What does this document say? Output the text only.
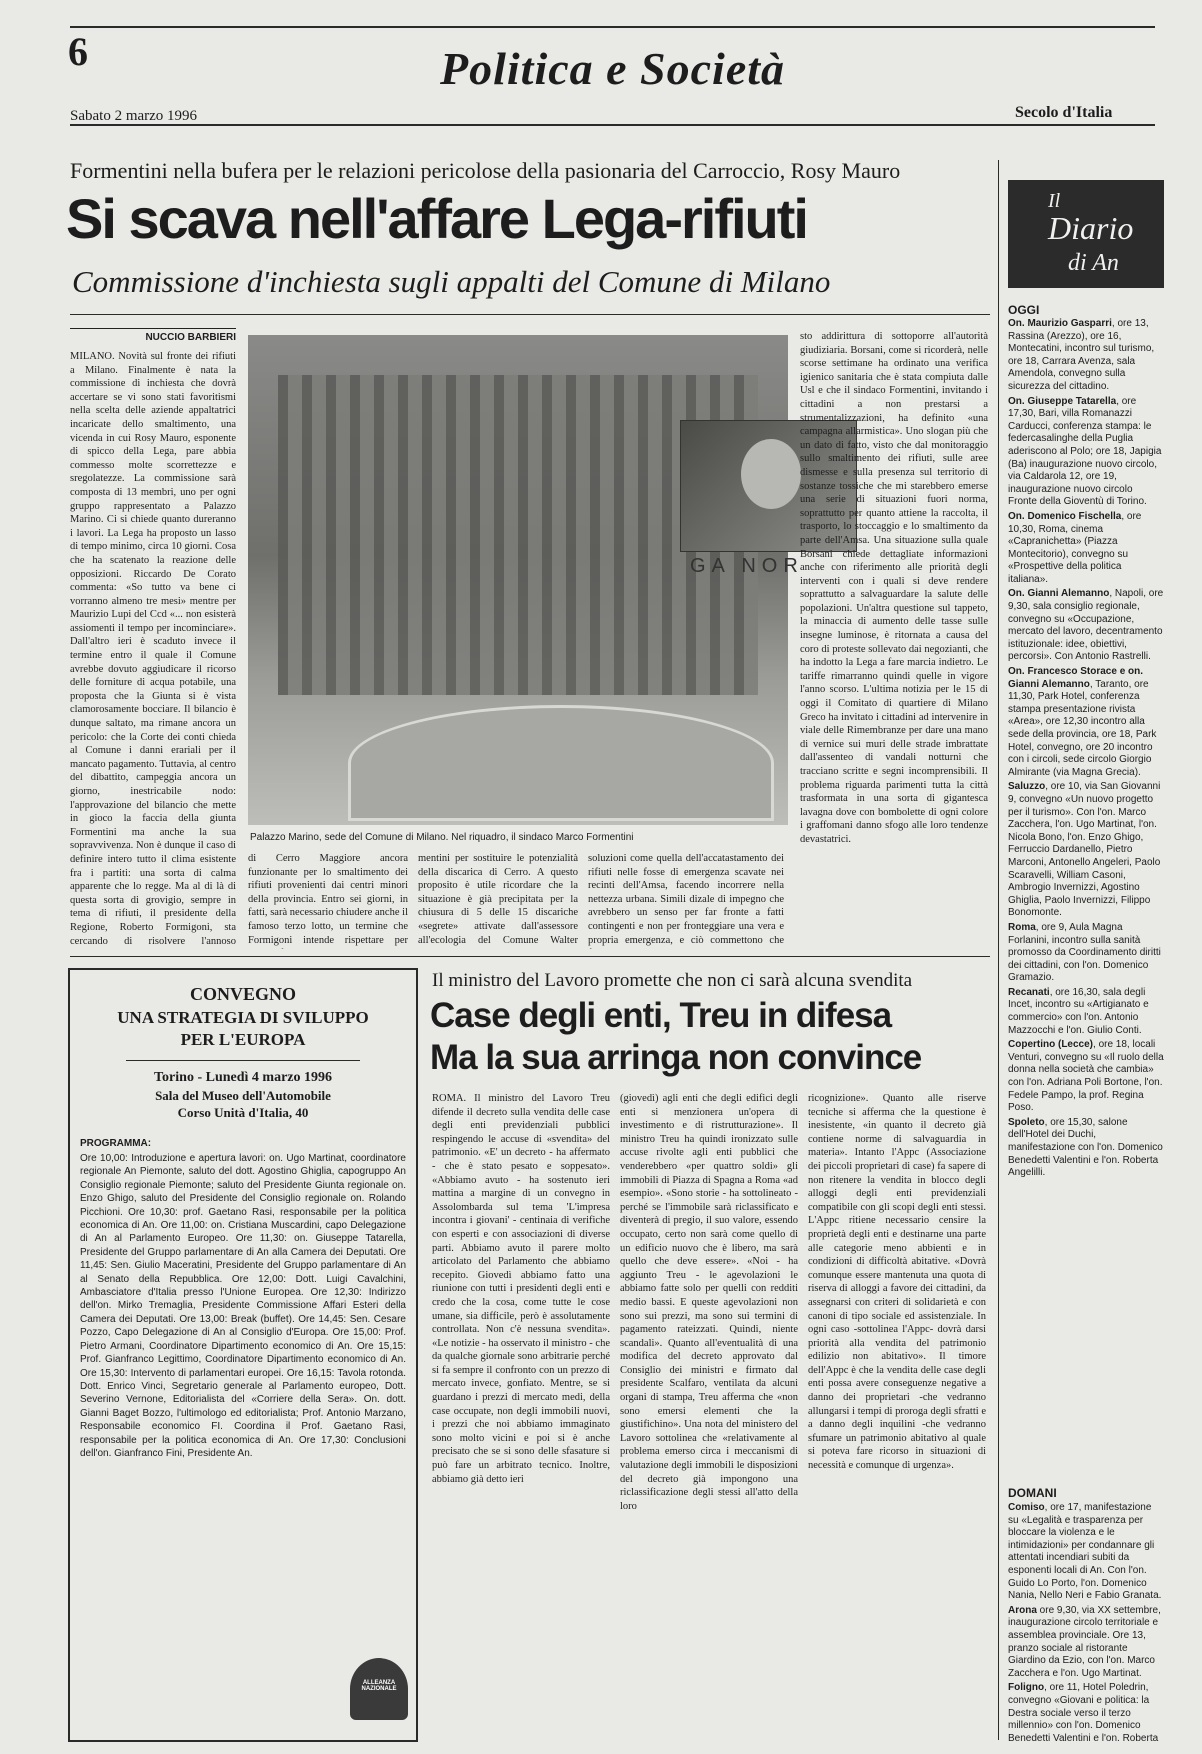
6	Politica e Società
Sabato 2 marzo 1996	Secolo d'Italia
Formentini nella bufera per le relazioni pericolose della pasionaria del Carroccio, Rosy Mauro
Si scava nell'affare Lega-rifiuti
Commissione d'inchiesta sugli appalti del Comune di Milano
NUCCIO BARBIERI
MILANO. Novità sul fronte dei rifiuti a Milano. Finalmente è nata la commissione di inchiesta che dovrà accertare se vi sono stati favoritismi nella scelta delle aziende appaltatrici incaricate dello smaltimento, una vicenda in cui Rosy Mauro, esponente di spicco della Lega, pare abbia commesso molte scorrettezze e sregolatezze. La commissione sarà composta di 13 membri, uno per ogni gruppo rappresentato a Palazzo Marino. Ci si chiede quanto dureranno i lavori. La Lega ha proposto un lasso di tempo minimo, circa 10 giorni. Cosa che ha scatenato la reazione delle opposizioni. Riccardo De Corato commenta: «So tutto va bene ci vorranno almeno tre mesi» mentre per Maurizio Lupi del Ccd «... non esisterà assiomenti il tempo per incominciare». Dall'altro ieri è scaduto invece il termine entro il quale il Comune avrebbe dovuto aggiudicare il ricorso delle forniture di acqua potabile, una proposta che la Giunta si è vista clamorosamente bocciare. Il bilancio è dunque saltato, ma rimane ancora un pericolo: che la Corte dei conti chieda al Comune i danni erariali per il mancato pagamento. Tuttavia, al centro del dibattito, campeggia ancora un giorno, inestricabile nodo: l'approvazione del bilancio che mette in gioco la faccia della giunta Formentini ma anche la sua sopravvivenza. Non è dunque il caso di definire intero tutto il clima esistente fra i partiti: una sorta di calma apparente che lo regge. Ma al di là di questa sorta di grovigio, sempre in tema di rifiuti, il presidente della Regione, Roberto Formigoni, sta cercando di risolvere l'annoso
GA NOR
Palazzo Marino, sede del Comune di Milano. Nel riquadro, il sindaco Marco Formentini
di Cerro Maggiore ancora funzionante per lo smaltimento dei rifiuti provenienti dai centri minori della provincia. Entro sei giorni, in fatti, sarà necessario chiudere anche il famoso terzo lotto, un termine che Formigoni intende rispettare per
mentini per sostituire le potenzialità della discarica di Cerro. A questo proposito è utile ricordare che la situazione è già precipitata per la chiusura di 5 delle 15 discariche «segrete» attivate dall'assessore all'ecologia del Comune Walter
soluzioni come quella dell'accatastamento dei rifiuti nelle fosse di emergenza scavate nei recinti dell'Amsa, facendo incorrere nella nettezza urbana. Simili dizale di impegno che avrebbero un senso per far fronte a fatti contingenti e non per fronteggiare una vera e propria emergenza, e ciò commettono che
sto addirittura di sottoporre all'autorità giudiziaria. Borsani, come si ricorderà, nelle scorse settimane ha ordinato una verifica igienico sanitaria che è stata compiuta dalle Usl e che il sindaco Formentini, invitando i cittadini a non prestarsi a strumentalizzazioni, ha definito «una campagna allarmistica». Uno slogan più che un dato di fatto, visto che dal monitoraggio sullo smaltimento dei rifiuti, sulle aree dismesse e sulla presenza sul territorio di sostanze tossiche che mi starebbero emerse una serie di situazioni fuori norma, soprattutto per quanto attiene la raccolta, il trasporto, lo stoccaggio e lo smaltimento da parte dell'Amsa. Una situazione sulla quale Borsani chiede dettagliate informazioni anche con riferimento alle priorità degli interventi con i quali si deve rendere soprattutto a salvaguardare la salute delle popolazioni. Un'altra questione sul tappeto, la minaccia di aumento delle tasse sulle insegne luminose, è ritornata a causa del coro di proteste sollevato dai negozianti, che ha indotto la Lega a fare marcia indietro. Le tariffe rimarranno quindi quelle in vigore l'anno scorso. L'ultima notizia per le 15 di oggi il Comitato di quartiere di Milano Greco ha invitato i cittadini ad intervenire in viale delle Rimembranze per dare una mano di vernice sui muri delle strade imbrattate dall'assenteo di vandali notturni che tracciano scritte e segni incomprensibili. Il problema riguarda parimenti tutta la città trasformata in una sorta di gigantesca lavagna dove con bombolette di ogni colore i graffomani danno sfogo alle loro tendenze devastatrici.
CONVEGNO
UNA STRATEGIA DI SVILUPPO
PER L'EUROPA
Torino - Lunedì 4 marzo 1996
Sala del Museo dell'Automobile
Corso Unità d'Italia, 40
PROGRAMMA:
Ore 10,00: Introduzione e apertura lavori: on. Ugo Martinat, coordinatore regionale An Piemonte, saluto del dott. Agostino Ghiglia, capogruppo An Consiglio regionale Piemonte; saluto del Presidente Giunta regionale on. Enzo Ghigo, saluto del Presidente del Consiglio regionale on. Rolando Picchioni. Ore 10,30: prof. Gaetano Rasi, responsabile per la politica economica di An. Ore 11,00: on. Cristiana Muscardini, capo Delegazione di An al Parlamento Europeo. Ore 11,30: on. Giuseppe Tatarella, Presidente del Gruppo parlamentare di An alla Camera dei Deputati. Ore 11,45: Sen. Giulio Maceratini, Presidente del Gruppo parlamentare di An al Senato della Repubblica. Ore 12,00: Dott. Luigi Cavalchini, Ambasciatore d'Italia presso l'Unione Europea. Ore 12,30: Indirizzo dell'on. Mirko Tremaglia, Presidente Commissione Affari Esteri della Camera dei Deputati. Ore 13,00: Break (buffet). Ore 14,45: Sen. Cesare Pozzo, Capo Delegazione di An al Consiglio d'Europa. Ore 15,00: Prof. Pietro Armani, Coordinatore Dipartimento economico di An. Ore 15,15: Prof. Gianfranco Legittimo, Coordinatore Dipartimento economico di An. Ore 15,30: Intervento di parlamentari europei. Ore 16,15: Tavola rotonda. Dott. Enrico Vinci, Segretario generale al Parlamento europeo, Dott. Severino Vernone, Editorialista del «Corriere della Sera». On. dott. Gianni Baget Bozzo, l'ultimologo ed editorialista; Prof. Antonio Marzano, Responsabile economico FI. Coordina il Prof. Gaetano Rasi, responsabile per la politica economica di An. Ore 17,30: Conclusioni dell'on. Gianfranco Fini, Presidente An.
ALLEANZA NAZIONALE
Il ministro del Lavoro promette che non ci sarà alcuna svendita
Case degli enti, Treu in difesa
Ma la sua arringa non convince
ROMA. Il ministro del Lavoro Treu difende il decreto sulla vendita delle case degli enti previdenziali pubblici respingendo le accuse di «svendita» del patrimonio. «E' un decreto - ha affermato - che è stato pesato e soppesato». «Abbiamo avuto - ha sostenuto ieri mattina a margine di un convegno in Assolombarda sul tema 'L'impresa incontra i giovani' - centinaia di verifiche con esperti e con associazioni di diverse parti. Abbiamo avuto il parere molto articolato del Parlamento che abbiamo recepito. Giovedì abbiamo fatto una riunione con tutti i presidenti degli enti e credo che la cosa, come tutte le cose umane, sia difficile, però è assolutamente controllata. Non c'è nessuna svendita». «Le notizie - ha osservato il ministro - che da qualche giornale sono arbitrarie perché si fa sempre il confronto con un prezzo di mercato invece, gonfiato. Mentre, se si guardano i prezzi di mercato medi, della case occupate, non degli immobili nuovi, i prezzi che noi abbiamo immaginato sono molto vicini e poi si è anche precisato che se si sono delle sfasature si può fare un arbitrato tecnico. Inoltre, abbiamo già detto ieri
(giovedì) agli enti che degli edifici degli enti si menzionera un'opera di investimento e di ristrutturazione». Il ministro Treu ha quindi ironizzato sulle accuse rivolte agli enti pubblici che venderebbero «per quattro soldi» gli immobili di Piazza di Spagna a Roma «ad esempio». «Sono storie - ha sottolineato - perché se l'immobile sarà riclassificato e diventerà di pregio, il suo valore, essendo occupato, certo non sarà come quello di un edificio nuovo che è libero, ma sarà quello che deve essere». «Noi - ha aggiunto Treu - le agevolazioni le abbiamo fatte solo per quelli con redditi medio bassi. E queste agevolazioni non sono sui prezzi, ma sono sui termini di pagamento rateizzati. Quindi, niente scandali». Quanto all'eventualità di una modifica del decreto approvato dal Consiglio dei ministri e firmato dal presidente Scalfaro, ventilata da alcuni organi di stampa, Treu afferma che «non sono emersi elementi che la giustifichino». Una nota del ministero del Lavoro sottolinea che «relativamente al problema emerso circa i meccanismi di valutazione degli immobili le disposizioni del decreto già impongono una riclassificazione degli stessi all'atto della loro
ricognizione». Quanto alle riserve tecniche si afferma che la questione è inesistente, «in quanto il decreto già contiene norme di salvaguardia in materia». Intanto l'Appc (Associazione dei piccoli proprietari di case) fa sapere di non ritenere la vendita in blocco degli alloggi degli enti previdenziali compatibile con gli scopi degli enti stessi. L'Appc ritiene necessario censire la proprietà degli enti e destinarne una parte alle categorie meno abbienti e in condizioni di difficoltà abitative. «Dovrà comunque essere mantenuta una quota di riserva di alloggi a favore dei cittadini, da assegnarsi con criteri di solidarietà e con canoni di tipo sociale ed assistenziale. In ogni caso -sottolinea l'Appc- dovrà darsi priorità alla vendita del patrimonio edilizio non abitativo». Il timore dell'Appc è che la vendita delle case degli enti possa avere conseguenze negative a danno dei proprietari -che vedranno allungarsi i tempi di proroga degli sfratti e a danno degli inquilini -che vedranno sfumare un patrimonio abitativo al quale si poteva fare ricorso in situazioni di necessità e comunque di urgenza».
Il
Diario
di An
OGGI

On. Maurizio Gasparri, ore 13, Rassina (Arezzo), ore 16, Montecatini, incontro sul turismo, ore 18, Carrara Avenza, sala Amendola, convegno sulla sicurezza del cittadino.

On. Giuseppe Tatarella, ore 17,30, Bari, villa Romanazzi Carducci, conferenza stampa: le federcasalinghe della Puglia aderiscono al Polo; ore 18, Japigia (Ba) inaugurazione nuovo circolo, via Caldarola 12, ore 19, inaugurazione nuovo circolo Fronte della Gioventù di Torino.

On. Domenico Fischella, ore 10,30, Roma, cinema «Capranichetta» (Piazza Montecitorio), convegno su «Prospettive della politica italiana».

On. Gianni Alemanno, Napoli, ore 9,30, sala consiglio regionale, convegno su «Occupazione, mercato del lavoro, decentramento istituzionale: idee, obiettivi, percorsi». Con Antonio Rastrelli.

On. Francesco Storace e on. Gianni Alemanno, Taranto, ore 11,30, Park Hotel, conferenza stampa presentazione rivista «Area», ore 12,30 incontro alla sede della provincia, ore 18, Park Hotel, convegno, ore 20 incontro con i circoli, sede circolo Giorgio Almirante (via Magna Grecia).

Saluzzo, ore 10, via San Giovanni 9, convegno «Un nuovo progetto per il turismo». Con l'on. Marco Zacchera, l'on. Ugo Martinat, l'on. Nicola Bono, l'on. Enzo Ghigo, Ferruccio Dardanello, Pietro Marconi, Antonello Angeleri, Paolo Scaravelli, William Casoni, Ambrogio Invernizzi, Agostino Ghiglia, Paolo Invernizzi, Filippo Bonomonte.

Roma, ore 9, Aula Magna Forlanini, incontro sulla sanità promosso da Coordinamento diritti dei cittadini, con l'on. Domenico Gramazio.

Recanati, ore 16,30, sala degli Incet, incontro su «Artigianato e commercio» con l'on. Antonio Mazzocchi e l'on. Giulio Conti.

Copertino (Lecce), ore 18, locali Venturi, convegno su «Il ruolo della donna nella società che cambia» con l'on. Adriana Poli Bortone, l'on. Fedele Pampo, la prof. Regina Poso.

Spoleto, ore 15,30, salone dell'Hotel dei Duchi, manifestazione con l'on. Domenico Benedetti Valentini e l'on. Roberta Angelilli.

DOMANI

Comiso, ore 17, manifestazione su «Legalità e trasparenza per bloccare la violenza e le intimidazioni» per condannare gli attentati incendiari subiti da esponenti locali di An. Con l'on. Guido Lo Porto, l'on. Domenico Nania, Nello Neri e Fabio Granata.

Arona ore 9,30, via XX settembre, inaugurazione circolo territoriale e assemblea provinciale. Ore 13, pranzo sociale al ristorante Giardino da Ezio, con l'on. Marco Zacchera e l'on. Ugo Martinat.

Foligno, ore 11, Hotel Poledrin, convegno «Giovani e politica: la Destra sociale verso il terzo millennio» con l'on. Domenico Benedetti Valentini e l'on. Roberta
